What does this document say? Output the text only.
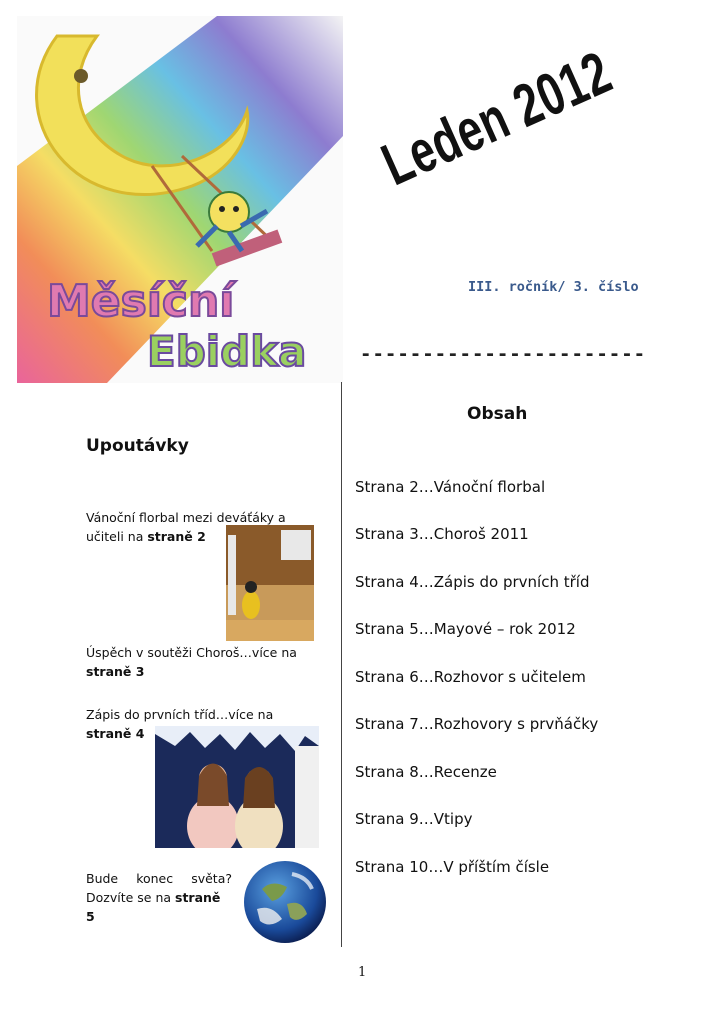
Měsíční
Ebidka
Leden 2012
III. ročník/ 3. číslo
-----------------------
Upoutávky
Vánoční florbal mezi deváťáky a
učiteli na straně 2
Úspěch v soutěži Choroš…více na
straně 3
Zápis do prvních tříd…více na
straně 4
Bude konec světa?
Dozvíte se na straně
5
Obsah
Strana 2…Vánoční florbal
Strana 3…Choroš 2011
Strana 4…Zápis do prvních tříd
Strana 5…Mayové – rok 2012
Strana 6…Rozhovor s učitelem
Strana 7…Rozhovory s prvňáčky
Strana 8…Recenze
Strana 9…Vtipy
Strana 10…V příštím čísle
1
